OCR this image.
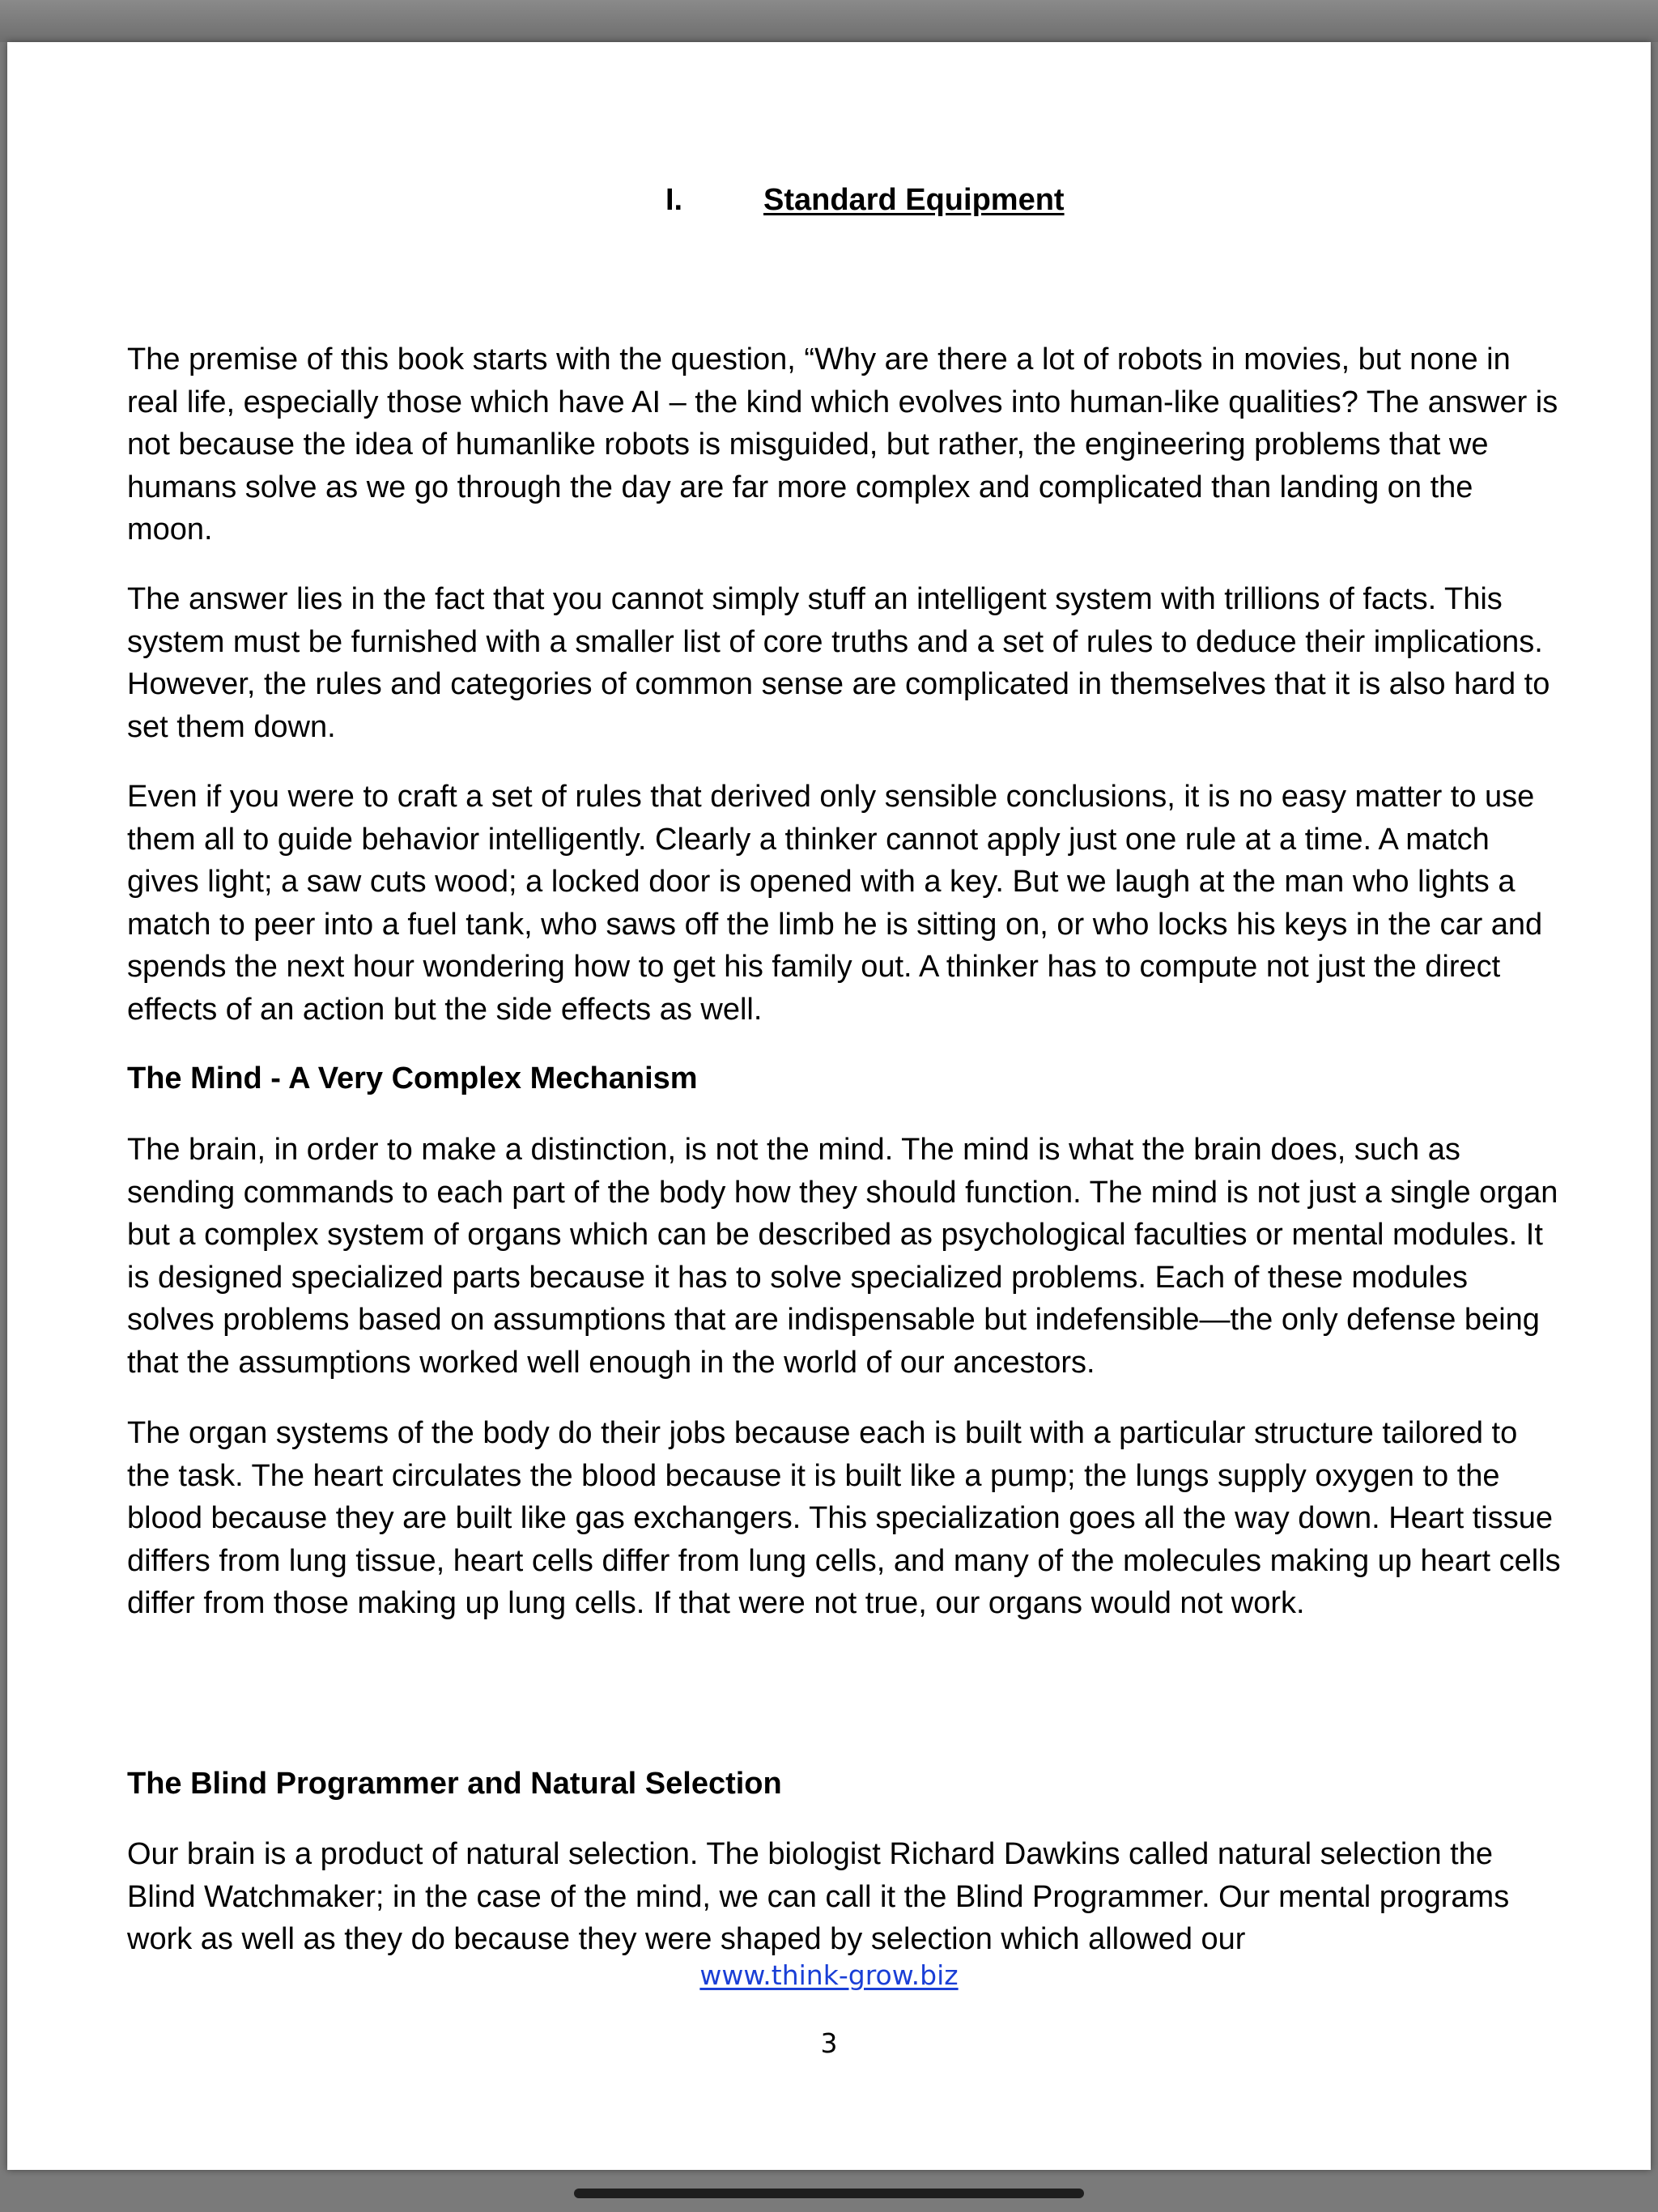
I.	Standard Equipment

The premise of this book starts with the question, “Why are there a lot of robots in movies, but none in real life, especially those which have AI – the kind which evolves into human-like qualities? The answer is not because the idea of humanlike robots is misguided, but rather, the engineering problems that we humans solve as we go through the day are far more complex and complicated than landing on the moon.

The answer lies in the fact that you cannot simply stuff an intelligent system with trillions of facts. This system must be furnished with a smaller list of core truths and a set of rules to deduce their implications. However, the rules and categories of common sense are complicated in themselves that it is also hard to set them down.

Even if you were to craft a set of rules that derived only sensible conclusions, it is no easy matter to use them all to guide behavior intelligently. Clearly a thinker cannot apply just one rule at a time. A match gives light; a saw cuts wood; a locked door is opened with a key. But we laugh at the man who lights a match to peer into a fuel tank, who saws off the limb he is sitting on, or who locks his keys in the car and spends the next hour wondering how to get his family out. A thinker has to compute not just the direct effects of an action but the side effects as well.

The Mind - A Very Complex Mechanism

The brain, in order to make a distinction, is not the mind. The mind is what the brain does, such as sending commands to each part of the body how they should function. The mind is not just a single organ but a complex system of organs which can be described as psychological faculties or mental modules. It is designed specialized parts because it has to solve specialized problems. Each of these modules solves problems based on assumptions that are indispensable but indefensible—the only defense being that the assumptions worked well enough in the world of our ancestors.

The organ systems of the body do their jobs because each is built with a particular structure tailored to the task. The heart circulates the blood because it is built like a pump; the lungs supply oxygen to the blood because they are built like gas exchangers. This specialization goes all the way down. Heart tissue differs from lung tissue, heart cells differ from lung cells, and many of the molecules making up heart cells differ from those making up lung cells. If that were not true, our organs would not work.

The Blind Programmer and Natural Selection

Our brain is a product of natural selection. The biologist Richard Dawkins called natural selection the Blind Watchmaker; in the case of the mind, we can call it the Blind Programmer. Our mental programs work as well as they do because they were shaped by selection which allowed our

www.think-grow.biz
3
